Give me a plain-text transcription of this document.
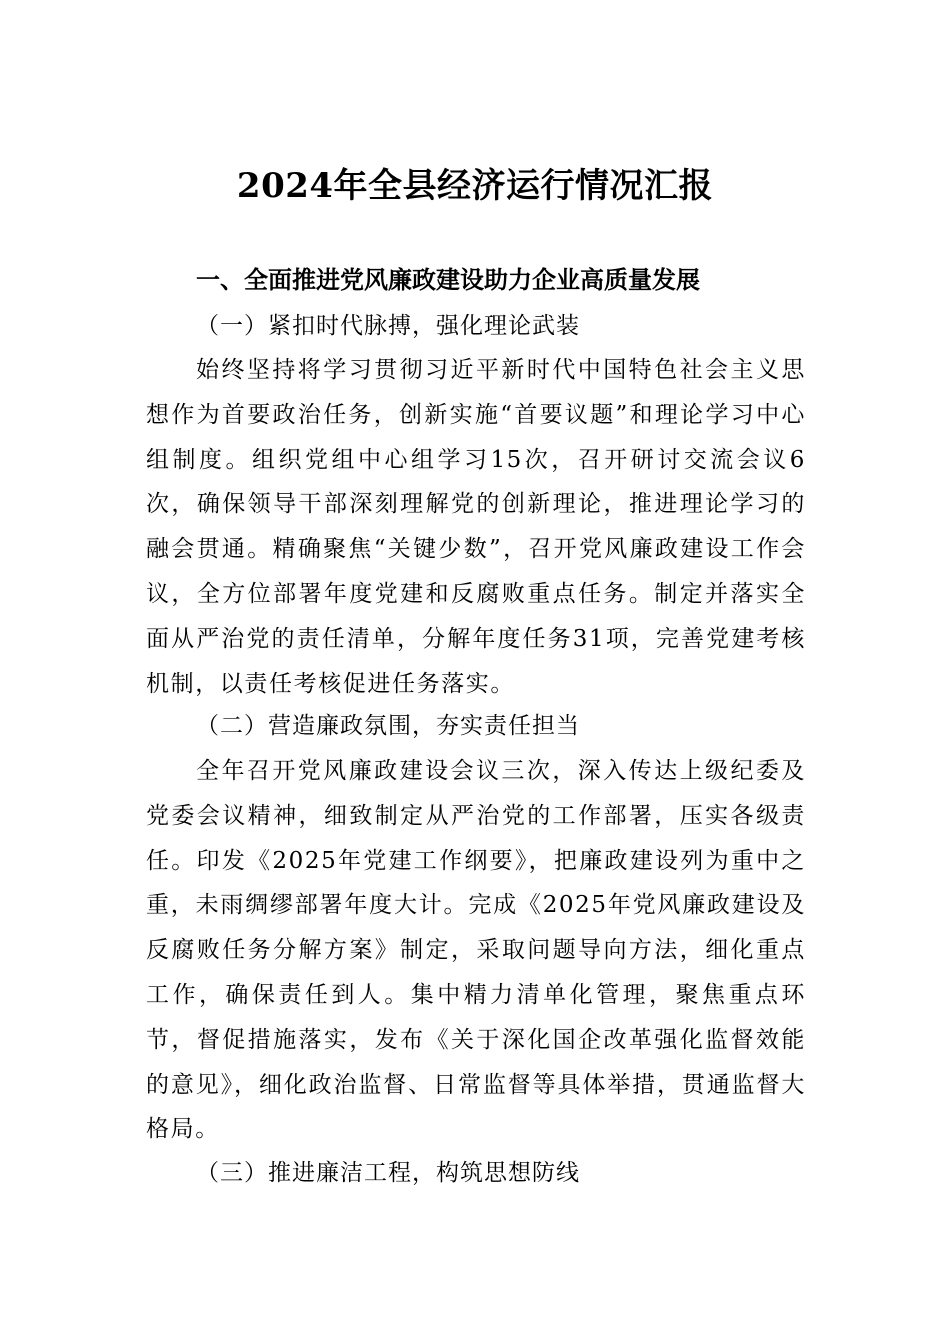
2024年全县经济运行情况汇报
一、全面推进党风廉政建设助力企业高质量发展
（一）紧扣时代脉搏，强化理论武装

始终坚持将学习贯彻习近平新时代中国特色社会主义思想作为首要政治任务，创新实施“首要议题”和理论学习中心组制度。组织党组中心组学习15次，召开研讨交流会议6次，确保领导干部深刻理解党的创新理论，推进理论学习的融会贯通。精确聚焦“关键少数”，召开党风廉政建设工作会议，全方位部署年度党建和反腐败重点任务。制定并落实全面从严治党的责任清单，分解年度任务31项，完善党建考核机制，以责任考核促进任务落实。

（二）营造廉政氛围，夯实责任担当

全年召开党风廉政建设会议三次，深入传达上级纪委及党委会议精神，细致制定从严治党的工作部署，压实各级责任。印发《2025年党建工作纲要》，把廉政建设列为重中之重，未雨绸缪部署年度大计。完成《2025年党风廉政建设及反腐败任务分解方案》制定，采取问题导向方法，细化重点工作，确保责任到人。集中精力清单化管理，聚焦重点环节，督促措施落实，发布《关于深化国企改革强化监督效能的意见》，细化政治监督、日常监督等具体举措，贯通监督大格局。

（三）推进廉洁工程，构筑思想防线
